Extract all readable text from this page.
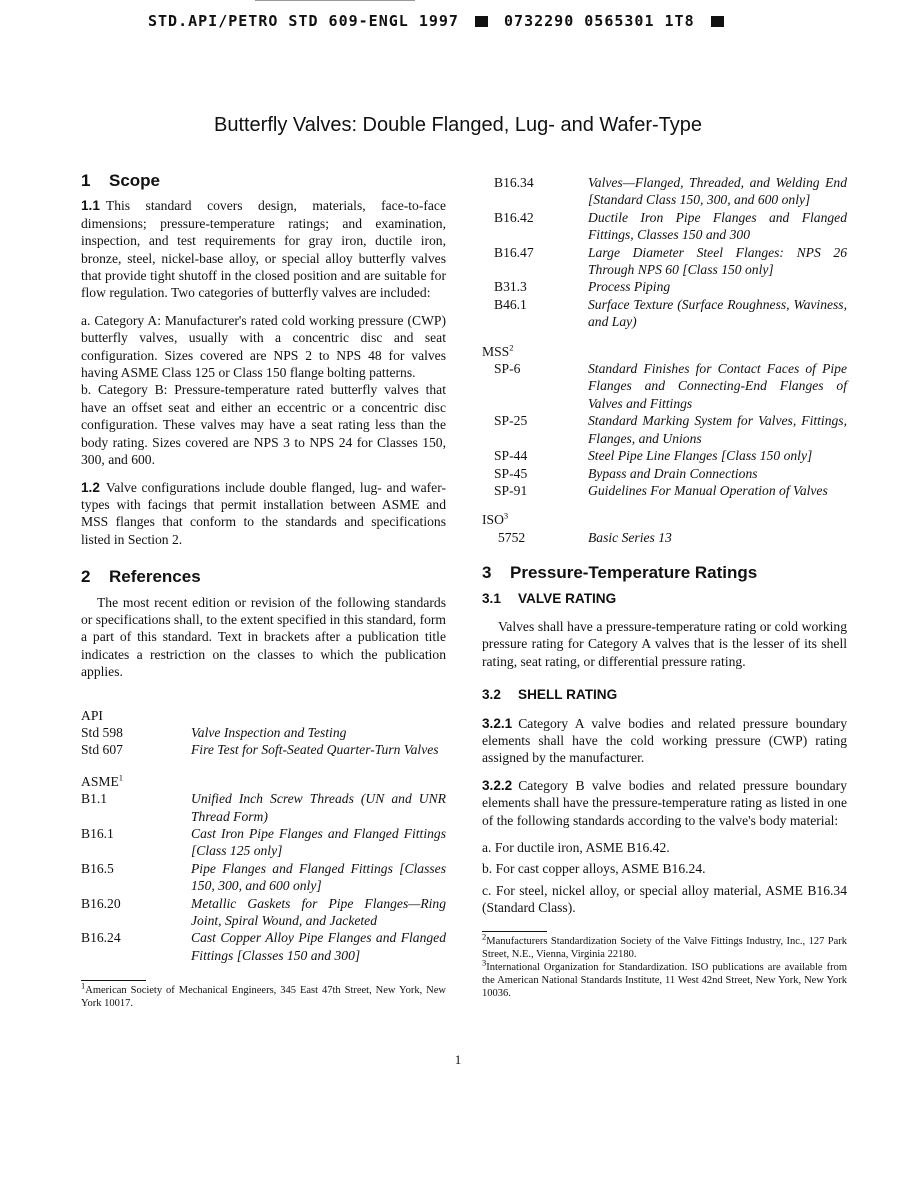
STD.API/PETRO STD 609-ENGL 1997	0732290 0565301 1T8
Butterfly Valves: Double Flanged, Lug- and Wafer-Type
1 Scope

1.1 This standard covers design, materials, face-to-face dimensions; pressure-temperature ratings; and examination, inspection, and test requirements for gray iron, ductile iron, bronze, steel, nickel-base alloy, or special alloy butterfly valves that provide tight shutoff in the closed position and are suitable for flow regulation. Two categories of butterfly valves are included:

a. Category A: Manufacturer's rated cold working pressure (CWP) butterfly valves, usually with a concentric disc and seat configuration. Sizes covered are NPS 2 to NPS 48 for valves having ASME Class 125 or Class 150 flange bolting patterns.

b. Category B: Pressure-temperature rated butterfly valves that have an offset seat and either an eccentric or a concentric disc configuration. These valves may have a seat rating less than the body rating. Sizes covered are NPS 3 to NPS 24 for Classes 150, 300, and 600.

1.2 Valve configurations include double flanged, lug- and wafer-types with facings that permit installation between ASME and MSS flanges that conform to the standards and specifications listed in Section 2.

2 References

The most recent edition or revision of the following standards or specifications shall, to the extent specified in this standard, form a part of this standard. Text in brackets after a publication title indicates a restriction on the classes to which the publication applies.

API
Std 598	Valve Inspection and Testing
Std 607	Fire Test for Soft-Seated Quarter-Turn Valves
ASME$^1$
B1.1	Unified Inch Screw Threads (UN and UNR Thread Form)
B16.1	Cast Iron Pipe Flanges and Flanged Fittings [Class 125 only]
B16.5	Pipe Flanges and Flanged Fittings [Classes 150, 300, and 600 only]
B16.20	Metallic Gaskets for Pipe Flanges—Ring Joint, Spiral Wound, and Jacketed
B16.24	Cast Copper Alloy Pipe Flanges and Flanged Fittings [Classes 150 and 300]

$^1$American Society of Mechanical Engineers, 345 East 47th Street, New York, New York 10017.

B16.34	Valves—Flanged, Threaded, and Welding End [Standard Class 150, 300, and 600 only]
B16.42	Ductile Iron Pipe Flanges and Flanged Fittings, Classes 150 and 300
B16.47	Large Diameter Steel Flanges: NPS 26 Through NPS 60 [Class 150 only]
B31.3	Process Piping
B46.1	Surface Texture (Surface Roughness, Waviness, and Lay)
MSS$^2$
SP-6	Standard Finishes for Contact Faces of Pipe Flanges and Connecting-End Flanges of Valves and Fittings
SP-25	Standard Marking System for Valves, Fittings, Flanges, and Unions
SP-44	Steel Pipe Line Flanges [Class 150 only]
SP-45	Bypass and Drain Connections
SP-91	Guidelines For Manual Operation of Valves
ISO$^3$
5752	Basic Series 13
3 Pressure-Temperature Ratings
3.1 VALVE RATING

Valves shall have a pressure-temperature rating or cold working pressure rating for Category A valves that is the lesser of its shell rating, seat rating, or differential pressure rating.

3.2 SHELL RATING

3.2.1 Category A valve bodies and related pressure boundary elements shall have the cold working pressure (CWP) rating assigned by the manufacturer.

3.2.2 Category B valve bodies and related pressure boundary elements shall have the pressure-temperature rating as listed in one of the following standards according to the valve's body material:

a. For ductile iron, ASME B16.42.

b. For cast copper alloys, ASME B16.24.

c. For steel, nickel alloy, or special alloy material, ASME B16.34 (Standard Class).

$^2$Manufacturers Standardization Society of the Valve Fittings Industry, Inc., 127 Park Street, N.E., Vienna, Virginia 22180.

$^3$International Organization for Standardization. ISO publications are available from the American National Standards Institute, 11 West 42nd Street, New York, New York 10036.

1
